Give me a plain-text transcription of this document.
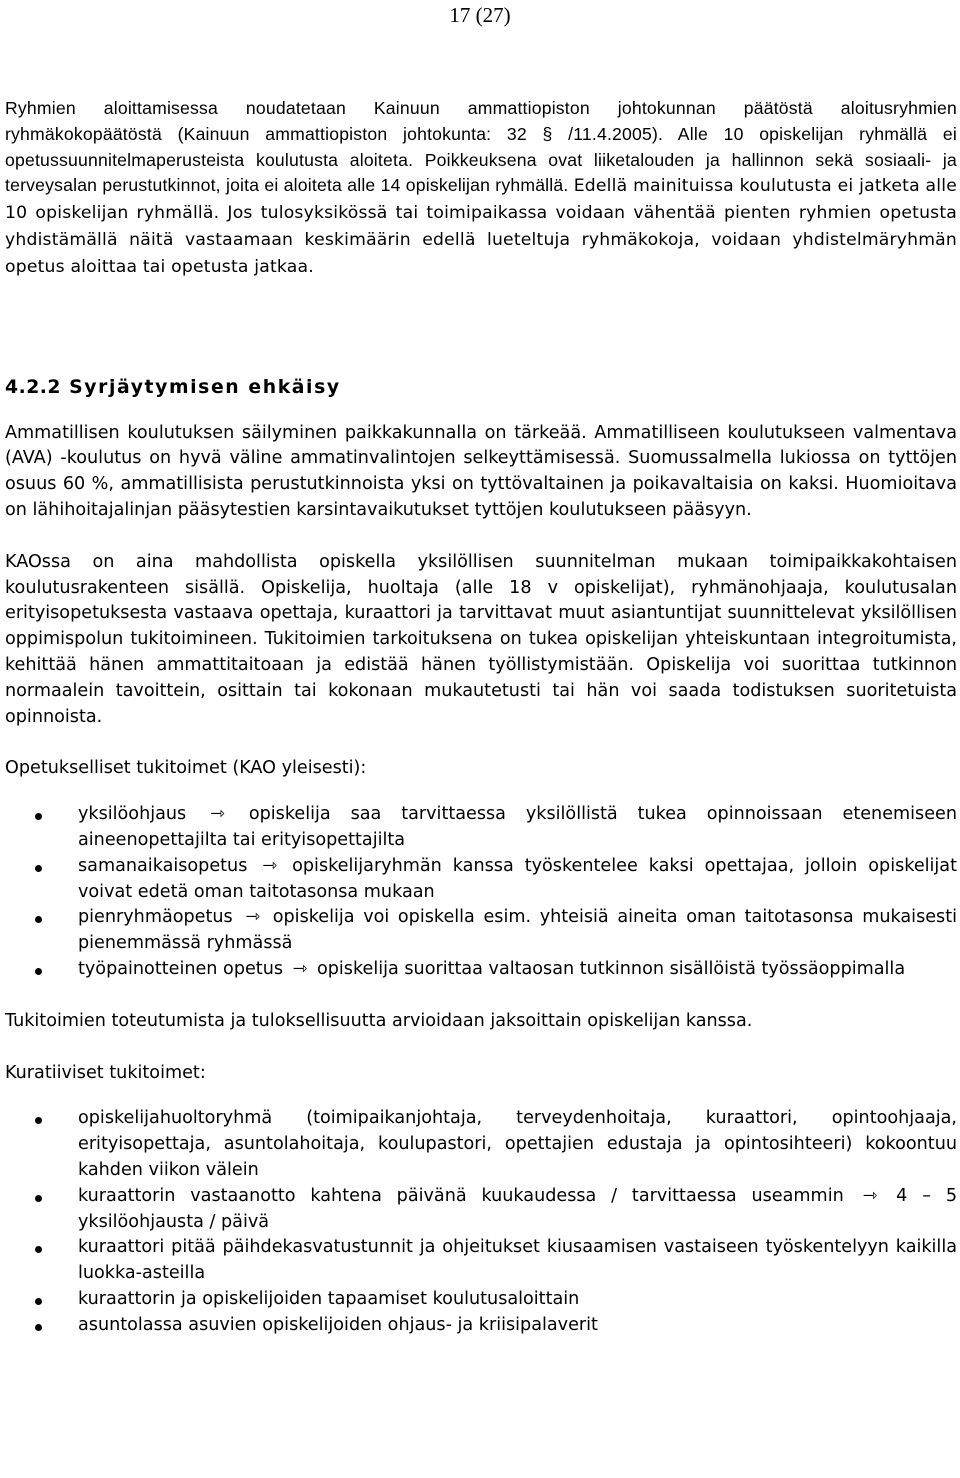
17 (27)

Ryhmien aloittamisessa noudatetaan Kainuun ammattiopiston johtokunnan päätöstä aloitusryhmien ryhmäkokopäätöstä (Kainuun ammattiopiston johtokunta: 32 § /11.4.2005). Alle 10 opiskelijan ryhmällä ei opetussuunnitelmaperusteista koulutusta aloiteta. Poikkeuksena ovat liiketalouden ja hallinnon sekä sosiaali- ja terveysalan perustutkinnot, joita ei aloiteta alle 14 opiskelijan ryhmällä. Edellä mainituissa koulutusta ei jatketa alle 10 opiskelijan ryhmällä. Jos tulosyksikössä tai toimipaikassa voidaan vähentää pienten ryhmien opetusta yhdistämällä näitä vastaamaan keskimäärin edellä lueteltuja ryhmäkokoja, voidaan yhdistelmäryhmän opetus aloittaa tai opetusta jatkaa.

4.2.2 Syrjäytymisen ehkäisy

Ammatillisen koulutuksen säilyminen paikkakunnalla on tärkeää. Ammatilliseen koulutukseen valmentava (AVA) -koulutus on hyvä väline ammatinvalintojen selkeyttämisessä. Suomussalmella lukiossa on tyttöjen osuus 60 %, ammatillisista perustutkinnoista yksi on tyttövaltainen ja poikavaltaisia on kaksi. Huomioitava on lähihoitajalinjan pääsytestien karsintavaikutukset tyttöjen koulutukseen pääsyyn.

KAOssa on aina mahdollista opiskella yksilöllisen suunnitelman mukaan toimipaikkakohtaisen koulutusrakenteen sisällä. Opiskelija, huoltaja (alle 18 v opiskelijat), ryhmänohjaaja, koulutusalan erityisopetuksesta vastaava opettaja, kuraattori ja tarvittavat muut asiantuntijat suunnittelevat yksilöllisen oppimispolun tukitoimineen. Tukitoimien tarkoituksena on tukea opiskelijan yhteiskuntaan integroitumista, kehittää hänen ammattitaitoaan ja edistää hänen työllistymistään. Opiskelija voi suorittaa tutkinnon normaalein tavoittein, osittain tai kokonaan mukautetusti tai hän voi saada todistuksen suoritetuista opinnoista.

Opetukselliset tukitoimet (KAO yleisesti):

yksilöohjaus ⇾ opiskelija saa tarvittaessa yksilöllistä tukea opinnoissaan etenemiseen aineenopettajilta tai erityisopettajilta
samanaikaisopetus ⇾ opiskelijaryhmän kanssa työskentelee kaksi opettajaa, jolloin opiskelijat voivat edetä oman taitotasonsa mukaan
pienryhmäopetus ⇾ opiskelija voi opiskella esim. yhteisiä aineita oman taitotasonsa mukaisesti pienemmässä ryhmässä
työpainotteinen opetus ⇾ opiskelija suorittaa valtaosan tutkinnon sisällöistä työssäoppimalla

Tukitoimien toteutumista ja tuloksellisuutta arvioidaan jaksoittain opiskelijan kanssa.

Kuratiiviset tukitoimet:

opiskelijahuoltoryhmä (toimipaikanjohtaja, terveydenhoitaja, kuraattori, opintoohjaaja, erityisopettaja, asuntolahoitaja, koulupastori, opettajien edustaja ja opintosihteeri) kokoontuu kahden viikon välein
kuraattorin vastaanotto kahtena päivänä kuukaudessa / tarvittaessa useammin ⇾ 4 – 5 yksilöohjausta / päivä
kuraattori pitää päihdekasvatustunnit ja ohjeitukset kiusaamisen vastaiseen työskentelyyn kaikilla luokka-asteilla
kuraattorin ja opiskelijoiden tapaamiset koulutusaloittain
asuntolassa asuvien opiskelijoiden ohjaus- ja kriisipalaverit
